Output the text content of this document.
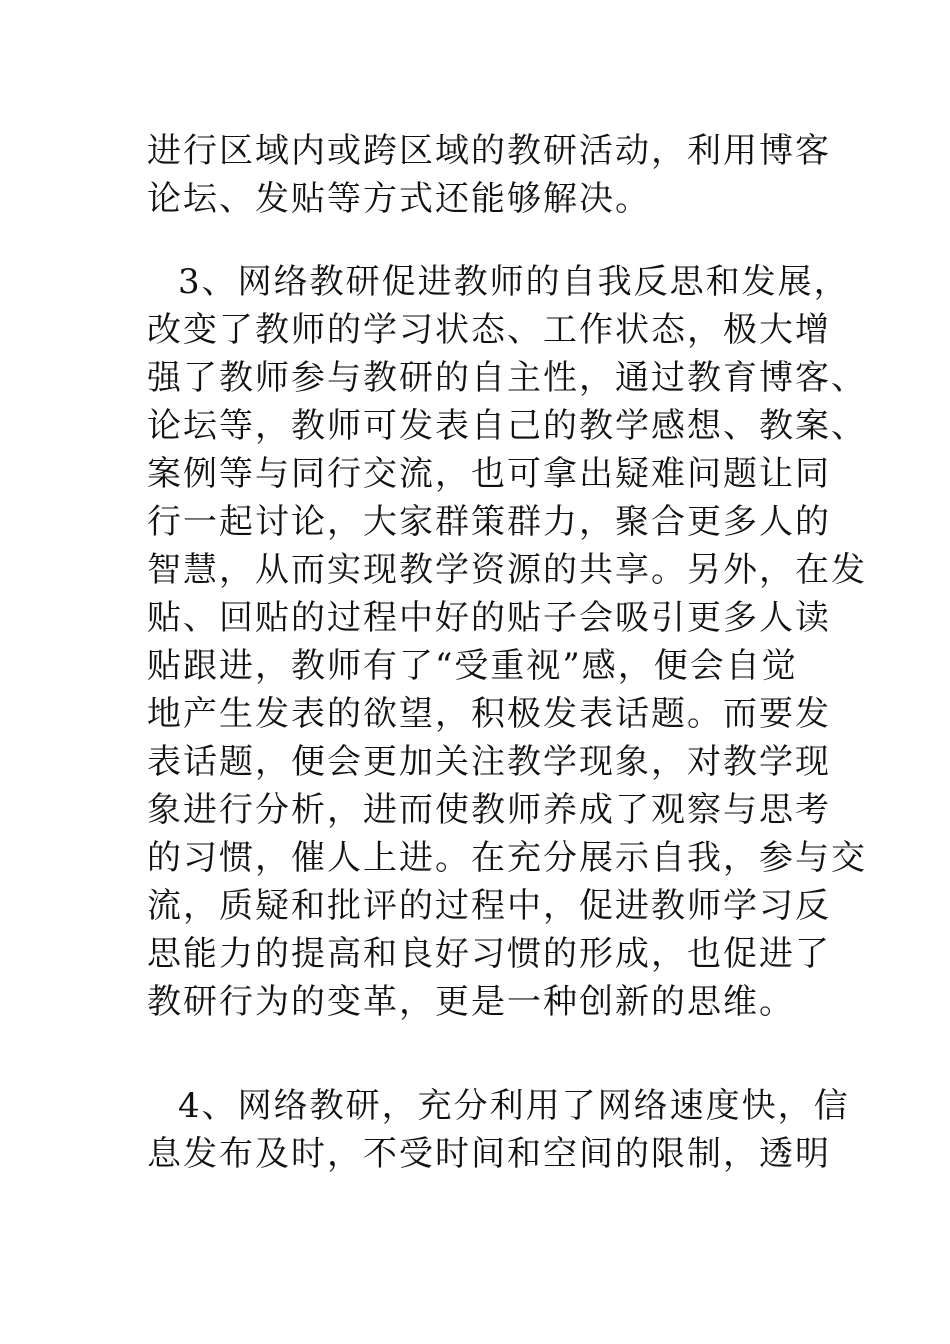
进行区域内或跨区域的教研活动，利用博客
论坛、发贴等方式还能够解决。
3、网络教研促进教师的自我反思和发展，
改变了教师的学习状态、工作状态，极大增
强了教师参与教研的自主性，通过教育博客、
论坛等，教师可发表自己的教学感想、教案、
案例等与同行交流，也可拿出疑难问题让同
行一起讨论，大家群策群力，聚合更多人的
智慧，从而实现教学资源的共享。另外，在发
贴、回贴的过程中好的贴子会吸引更多人读
贴跟进，教师有了“受重视”感，便会自觉
地产生发表的欲望，积极发表话题。而要发
表话题，便会更加关注教学现象，对教学现
象进行分析，进而使教师养成了观察与思考
的习惯，催人上进。在充分展示自我，参与交
流，质疑和批评的过程中，促进教师学习反
思能力的提高和良好习惯的形成，也促进了
教研行为的变革，更是一种创新的思维。
4、网络教研，充分利用了网络速度快，信
息发布及时，不受时间和空间的限制，透明
